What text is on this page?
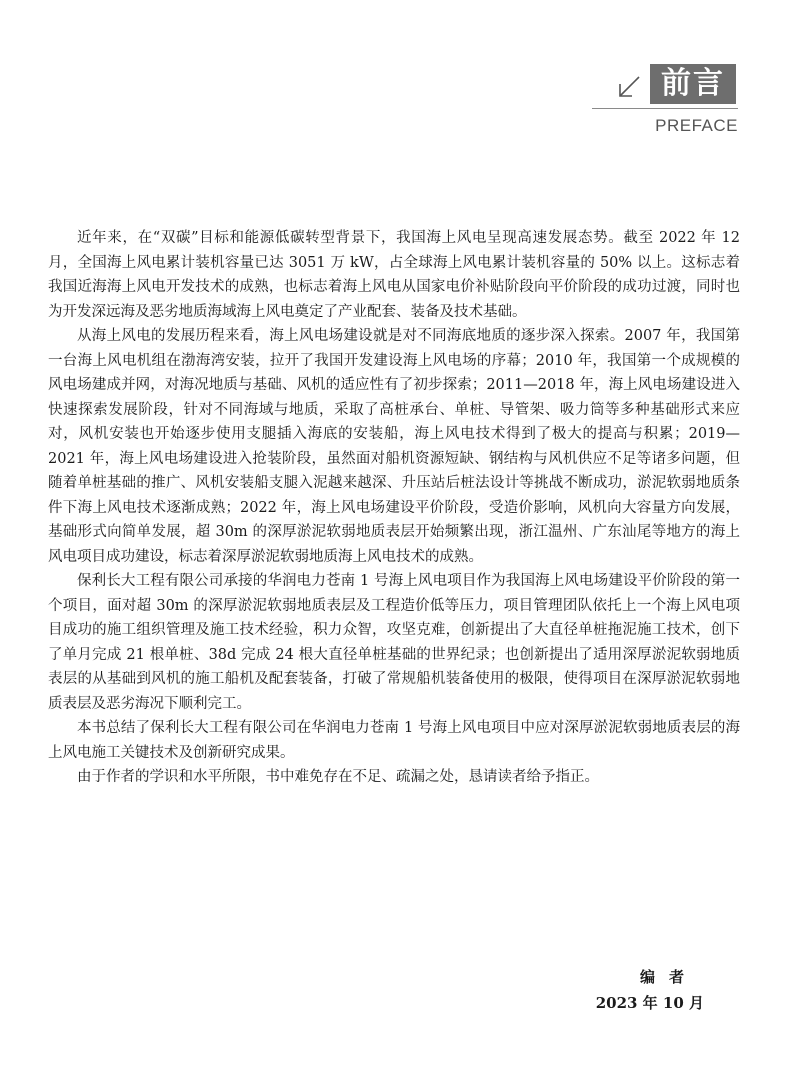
前言
PREFACE

近年来，在“双碳”目标和能源低碳转型背景下，我国海上风电呈现高速发展态势。截至 2022 年 12 月，全国海上风电累计装机容量已达 3051 万 kW，占全球海上风电累计装机容量的 50% 以上。这标志着我国近海海上风电开发技术的成熟，也标志着海上风电从国家电价补贴阶段向平价阶段的成功过渡，同时也为开发深远海及恶劣地质海域海上风电奠定了产业配套、装备及技术基础。

从海上风电的发展历程来看，海上风电场建设就是对不同海底地质的逐步深入探索。2007 年，我国第一台海上风电机组在渤海湾安装，拉开了我国开发建设海上风电场的序幕；2010 年，我国第一个成规模的风电场建成并网，对海况地质与基础、风机的适应性有了初步探索；2011—2018 年，海上风电场建设进入快速探索发展阶段，针对不同海域与地质，采取了高桩承台、单桩、导管架、吸力筒等多种基础形式来应对，风机安装也开始逐步使用支腿插入海底的安装船，海上风电技术得到了极大的提高与积累；2019—2021 年，海上风电场建设进入抢装阶段，虽然面对船机资源短缺、钢结构与风机供应不足等诸多问题，但随着单桩基础的推广、风机安装船支腿入泥越来越深、升压站后桩法设计等挑战不断成功，淤泥软弱地质条件下海上风电技术逐渐成熟；2022 年，海上风电场建设平价阶段，受造价影响，风机向大容量方向发展，基础形式向简单发展，超 30m 的深厚淤泥软弱地质表层开始频繁出现，浙江温州、广东汕尾等地方的海上风电项目成功建设，标志着深厚淤泥软弱地质海上风电技术的成熟。

保利长大工程有限公司承接的华润电力苍南 1 号海上风电项目作为我国海上风电场建设平价阶段的第一个项目，面对超 30m 的深厚淤泥软弱地质表层及工程造价低等压力，项目管理团队依托上一个海上风电项目成功的施工组织管理及施工技术经验，积力众智，攻坚克难，创新提出了大直径单桩拖泥施工技术，创下了单月完成 21 根单桩、38d 完成 24 根大直径单桩基础的世界纪录；也创新提出了适用深厚淤泥软弱地质表层的从基础到风机的施工船机及配套装备，打破了常规船机装备使用的极限，使得项目在深厚淤泥软弱地质表层及恶劣海况下顺利完工。

本书总结了保利长大工程有限公司在华润电力苍南 1 号海上风电项目中应对深厚淤泥软弱地质表层的海上风电施工关键技术及创新研究成果。

由于作者的学识和水平所限，书中难免存在不足、疏漏之处，恳请读者给予指正。

编者
2023 年 10 月
